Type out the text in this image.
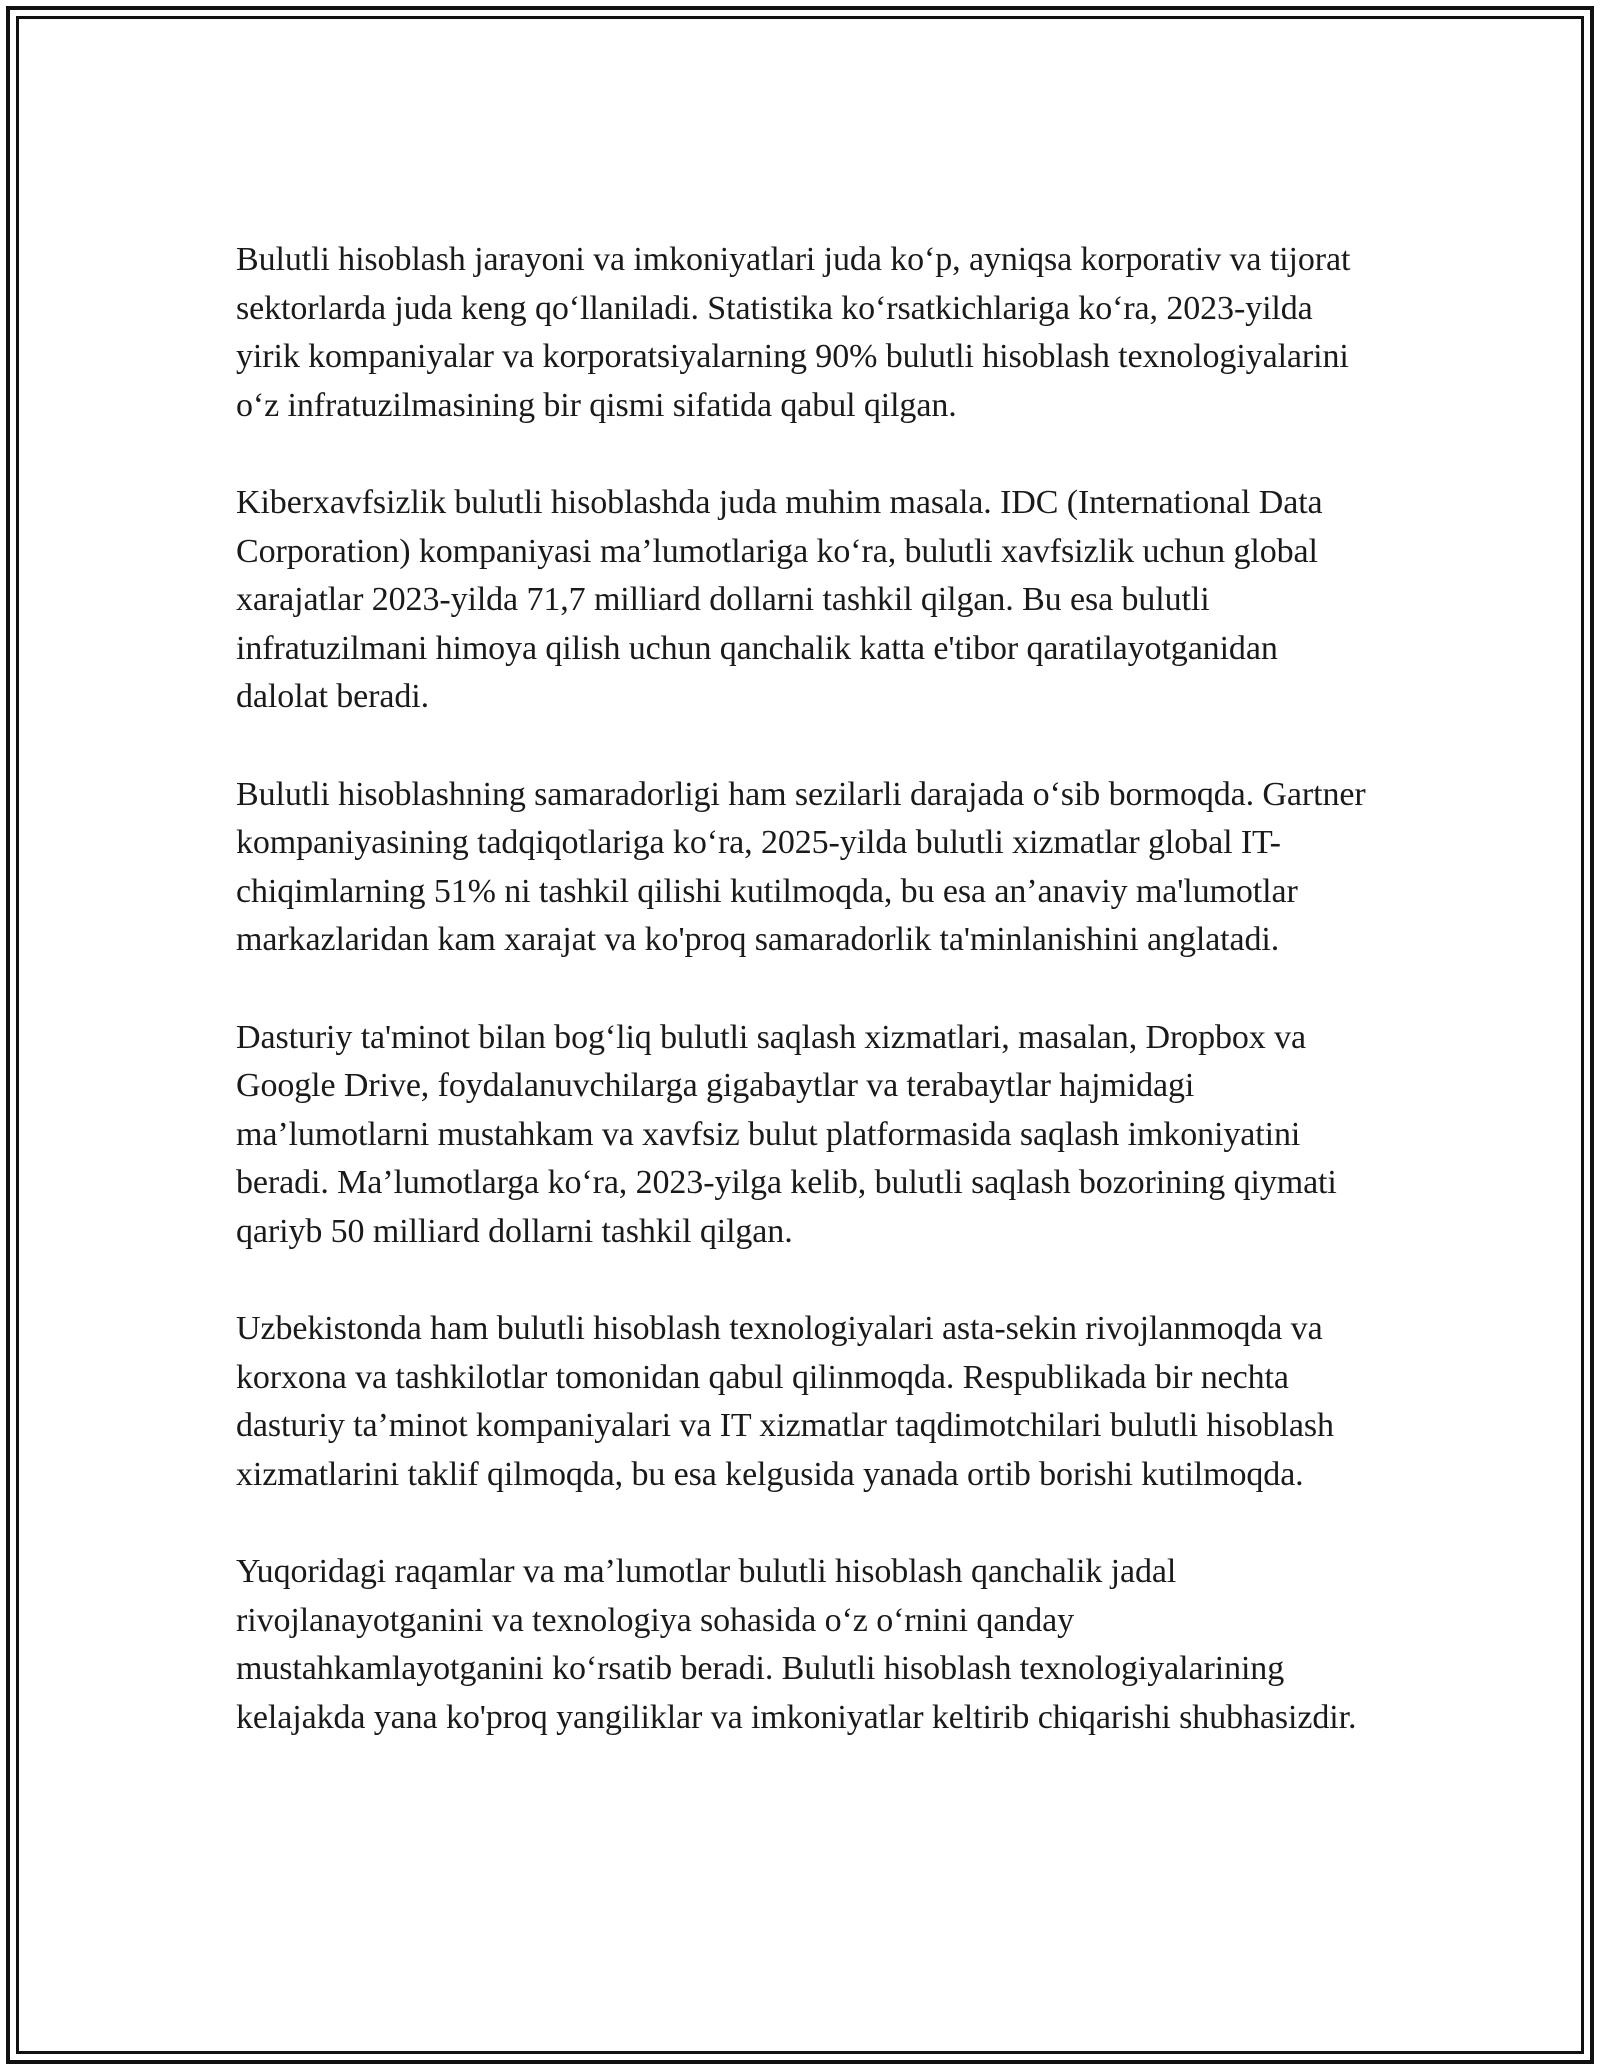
Bulutli hisoblash jarayoni va imkoniyatlari juda ko‘p, ayniqsa korporativ va tijorat sektorlarda juda keng qo‘llaniladi. Statistika ko‘rsatkichlariga ko‘ra, 2023-yilda yirik kompaniyalar va korporatsiyalarning 90% bulutli hisoblash texnologiyalarini o‘z infratuzilmasining bir qismi sifatida qabul qilgan.

Kiberxavfsizlik bulutli hisoblashda juda muhim masala. IDC (International Data Corporation) kompaniyasi ma’lumotlariga ko‘ra, bulutli xavfsizlik uchun global xarajatlar 2023-yilda 71,7 milliard dollarni tashkil qilgan. Bu esa bulutli infratuzilmani himoya qilish uchun qanchalik katta e'tibor qaratilayotganidan dalolat beradi.

Bulutli hisoblashning samaradorligi ham sezilarli darajada o‘sib bormoqda. Gartner kompaniyasining tadqiqotlariga ko‘ra, 2025-yilda bulutli xizmatlar global IT-chiqimlarning 51% ni tashkil qilishi kutilmoqda, bu esa an’anaviy ma'lumotlar markazlaridan kam xarajat va ko'proq samaradorlik ta'minlanishini anglatadi.

Dasturiy ta'minot bilan bog‘liq bulutli saqlash xizmatlari, masalan, Dropbox va Google Drive, foydalanuvchilarga gigabaytlar va terabaytlar hajmidagi ma’lumotlarni mustahkam va xavfsiz bulut platformasida saqlash imkoniyatini beradi. Ma’lumotlarga ko‘ra, 2023-yilga kelib, bulutli saqlash bozorining qiymati qariyb 50 milliard dollarni tashkil qilgan.

Uzbekistonda ham bulutli hisoblash texnologiyalari asta-sekin rivojlanmoqda va korxona va tashkilotlar tomonidan qabul qilinmoqda. Respublikada bir nechta dasturiy ta’minot kompaniyalari va IT xizmatlar taqdimotchilari bulutli hisoblash xizmatlarini taklif qilmoqda, bu esa kelgusida yanada ortib borishi kutilmoqda.

Yuqoridagi raqamlar va ma’lumotlar bulutli hisoblash qanchalik jadal rivojlanayotganini va texnologiya sohasida o‘z o‘rnini qanday mustahkamlayotganini ko‘rsatib beradi. Bulutli hisoblash texnologiyalarining kelajakda yana ko'proq yangiliklar va imkoniyatlar keltirib chiqarishi shubhasizdir.
